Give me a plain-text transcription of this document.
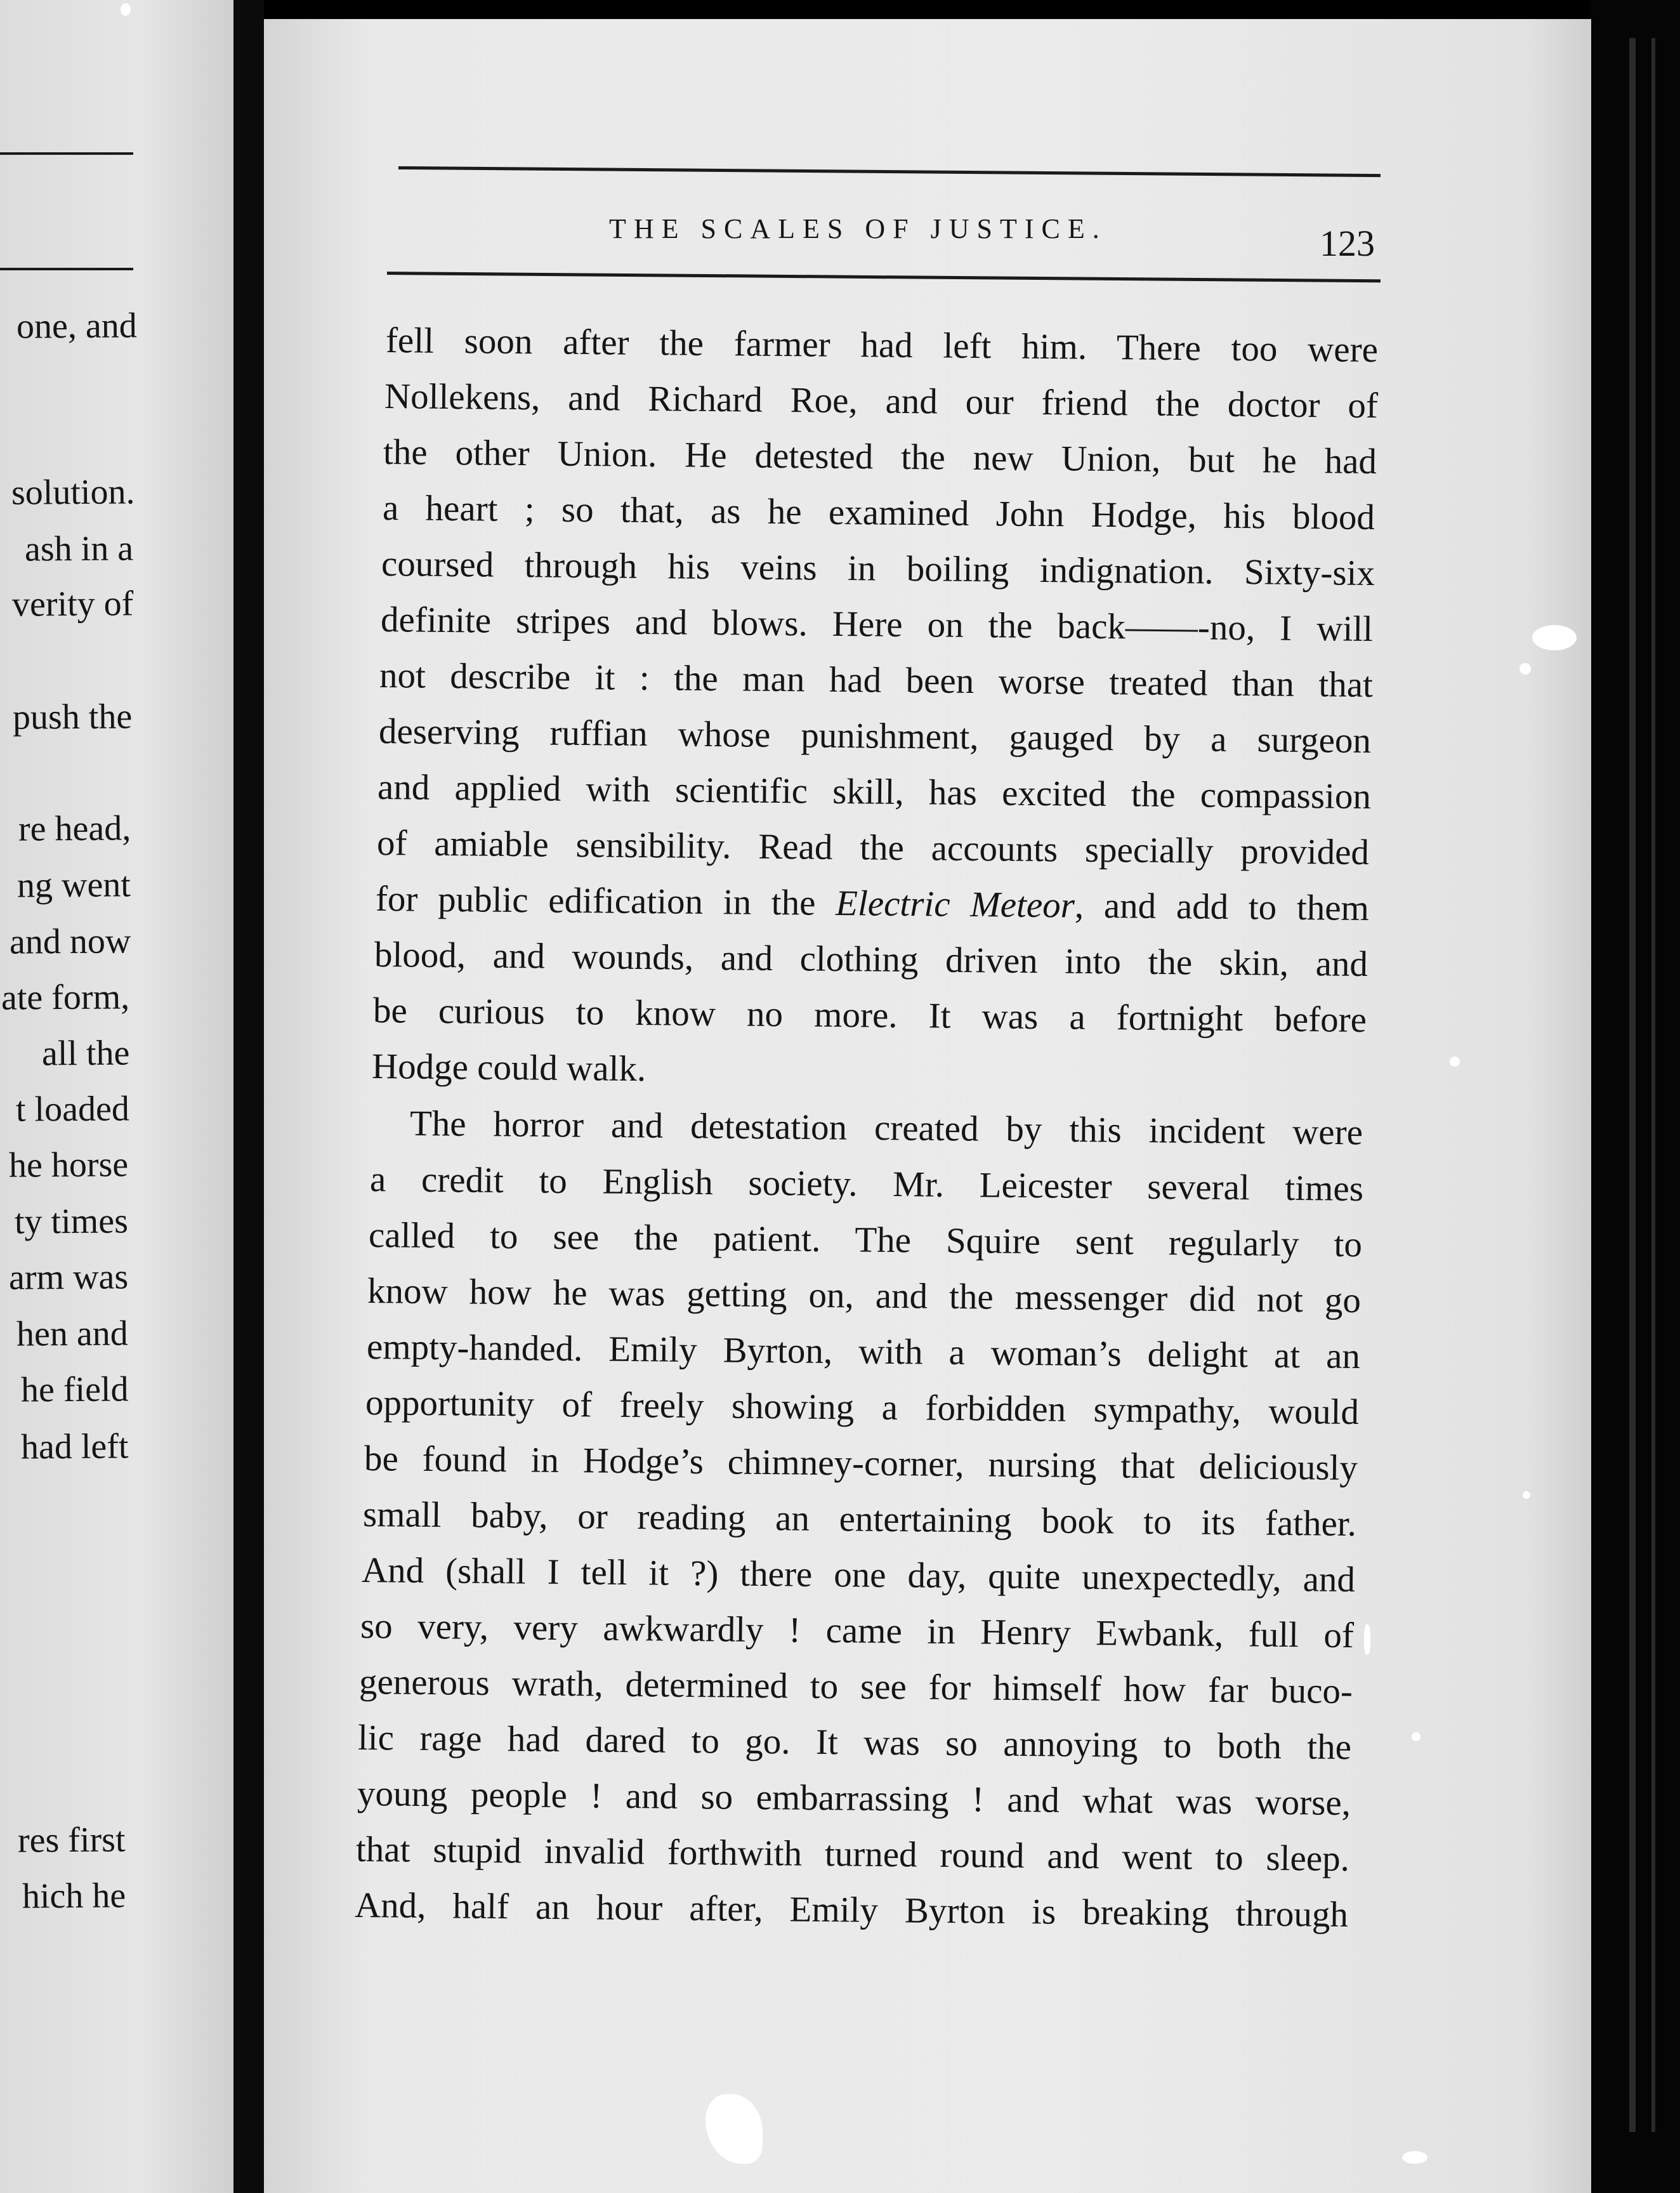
one, and
solution.
ash in a
verity of
push the
re head,
ng went
and now
ate form,
all the
t loaded
he horse
ty times
arm was
hen and
he field
had left
res first
hich he
THE SCALES OF JUSTICE.	123
fell soon after the farmer had left him. There too were
Nollekens, and Richard Roe, and our friend the doctor of
the other Union. He detested the new Union, but he had
a heart ; so that, as he examined John Hodge, his blood
coursed through his veins in boiling indignation. Sixty-six
definite stripes and blows. Here on the back——-no, I will
not describe it : the man had been worse treated than that
deserving ruffian whose punishment, gauged by a surgeon
and applied with scientific skill, has excited the compassion
of amiable sensibility. Read the accounts specially provided
for public edification in the Electric Meteor, and add to them
blood, and wounds, and clothing driven into the skin, and
be curious to know no more. It was a fortnight before
Hodge could walk.
The horror and detestation created by this incident were
a credit to English society. Mr. Leicester several times
called to see the patient. The Squire sent regularly to
know how he was getting on, and the messenger did not go
empty-handed. Emily Byrton, with a woman’s delight at an
opportunity of freely showing a forbidden sympathy, would
be found in Hodge’s chimney-corner, nursing that deliciously
small baby, or reading an entertaining book to its father.
And (shall I tell it ?) there one day, quite unexpectedly, and
so very, very awkwardly ! came in Henry Ewbank, full of
generous wrath, determined to see for himself how far buco-
lic rage had dared to go. It was so annoying to both the
young people ! and so embarrassing ! and what was worse,
that stupid invalid forthwith turned round and went to sleep.
And, half an hour after, Emily Byrton is breaking through
